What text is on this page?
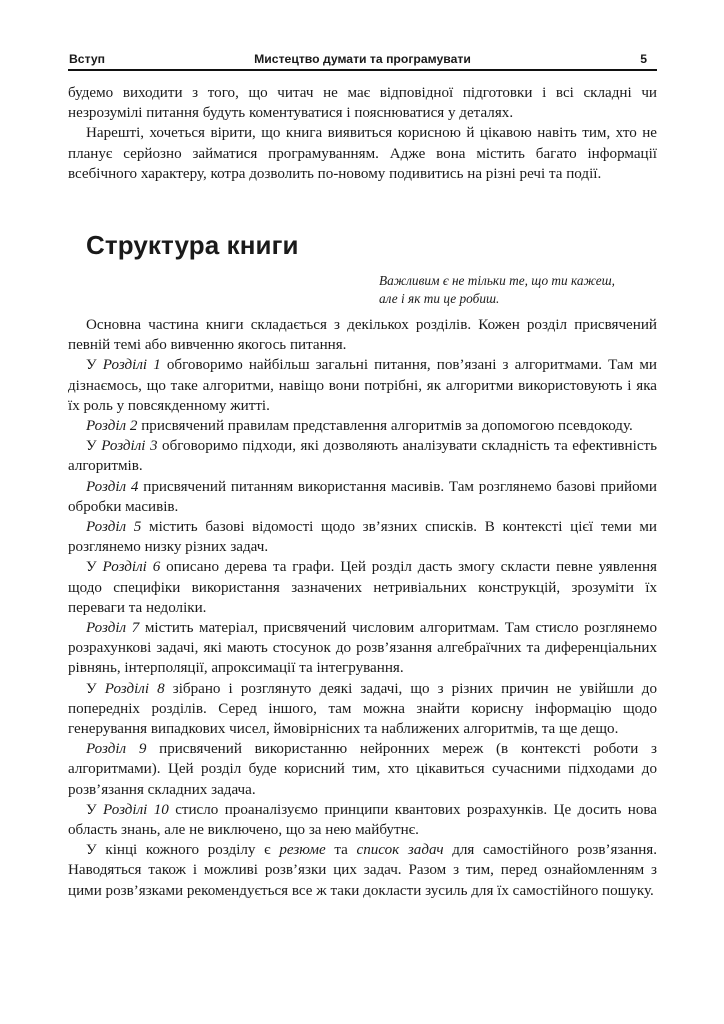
Вступ	Мистецтво думати та програмувати	5

будемо виходити з того, що читач не має відповідної підготовки і всі складні чи незрозумілі питання будуть коментуватися і пояснюватися у деталях.

Нарешті, хочеться вірити, що книга виявиться корисною й цікавою навіть тим, хто не планує серйозно займатися програмуванням. Адже вона містить багато інформації всебічного характеру, котра дозволить по-новому подивитись на різні речі та події.

Структура книги
Важливим є не тільки те, що ти кажеш,
але і як ти це робиш.

Основна частина книги складається з декількох розділів. Кожен розділ присвячений певній темі або вивченню якогось питання.

У Розділі 1 обговоримо найбільш загальні питання, пов’язані з алгоритмами. Там ми дізнаємось, що таке алгоритми, навіщо вони потрібні, як алгоритми використовують і яка їх роль у повсякденному житті.

Розділ 2 присвячений правилам представлення алгоритмів за допомогою псевдокоду.

У Розділі 3 обговоримо підходи, які дозволяють аналізувати складність та ефективність алгоритмів.

Розділ 4 присвячений питанням використання масивів. Там розглянемо базові прийоми обробки масивів.

Розділ 5 містить базові відомості щодо зв’язних списків. В контексті цієї теми ми розглянемо низку різних задач.

У Розділі 6 описано дерева та графи. Цей розділ дасть змогу скласти певне уявлення щодо специфіки використання зазначених нетривіальних конструкцій, зрозуміти їх переваги та недоліки.

Розділ 7 містить матеріал, присвячений числовим алгоритмам. Там стисло розглянемо розрахункові задачі, які мають стосунок до розв’язання алгебраїчних та диференціальних рівнянь, інтерполяції, апроксимації та інтегрування.

У Розділі 8 зібрано і розглянуто деякі задачі, що з різних причин не увійшли до попередніх розділів. Серед іншого, там можна знайти корисну інформацію щодо генерування випадкових чисел, ймовірнісних та наближених алгоритмів, та ще дещо.

Розділ 9 присвячений використанню нейронних мереж (в контексті роботи з алгоритмами). Цей розділ буде корисний тим, хто цікавиться сучасними підходами до розв’язання складних задача.

У Розділі 10 стисло проаналізуємо принципи квантових розрахунків. Це досить нова область знань, але не виключено, що за нею майбутнє.

У кінці кожного розділу є резюме та список задач для самостійного розв’язання. Наводяться також і можливі розв’язки цих задач. Разом з тим, перед ознайомленням з цими розв’язками рекомендується все ж таки докласти зусиль для їх самостійного пошуку.
